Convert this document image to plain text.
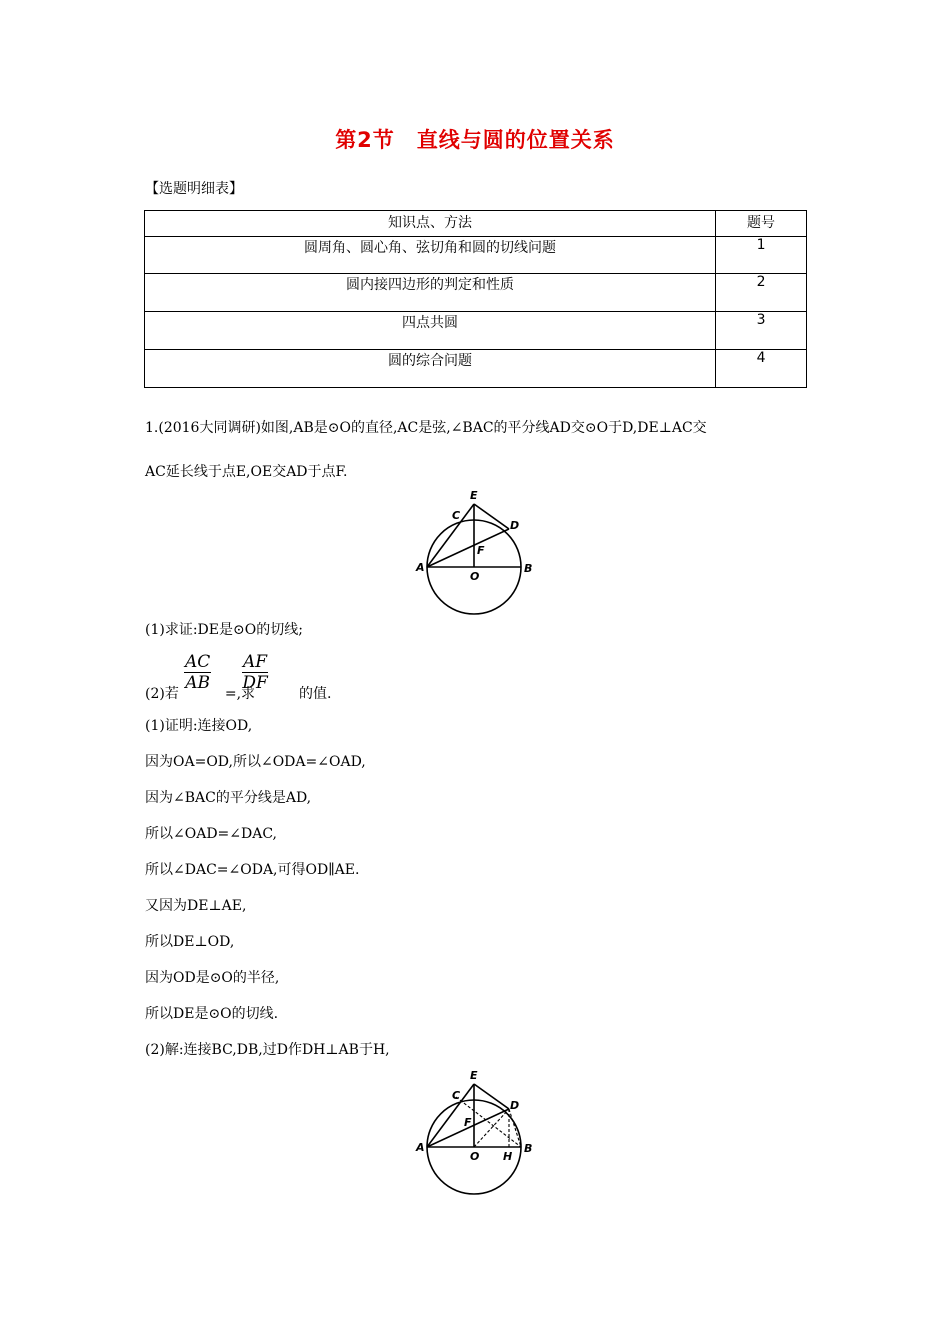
第2节　直线与圆的位置关系
【选题明细表】
知识点、方法	题号
圆周角、圆心角、弦切角和圆的切线问题	1
圆内接四边形的判定和性质	2
四点共圆	3
圆的综合问题	4
1.(2016大同调研)如图,AB是⊙O的直径,AC是弦,∠BAC的平分线AD交⊙O于D,DE⊥AC交
AC延长线于点E,OE交AD于点F.
E
C
D
F
A
O
B
(1)求证:DE是⊙O的切线;
(2)若	=,求	的值.
$\frac{AC}{AB} \frac{AF}{DF}$
(1)证明:连接OD,
因为OA=OD,所以∠ODA=∠OAD,
因为∠BAC的平分线是AD,
所以∠OAD=∠DAC,
所以∠DAC=∠ODA,可得OD∥AE.
又因为DE⊥AE,
所以DE⊥OD,
因为OD是⊙O的半径,
所以DE是⊙O的切线.
(2)解:连接BC,DB,过D作DH⊥AB于H,
E
C
D
F
A
O H
B
